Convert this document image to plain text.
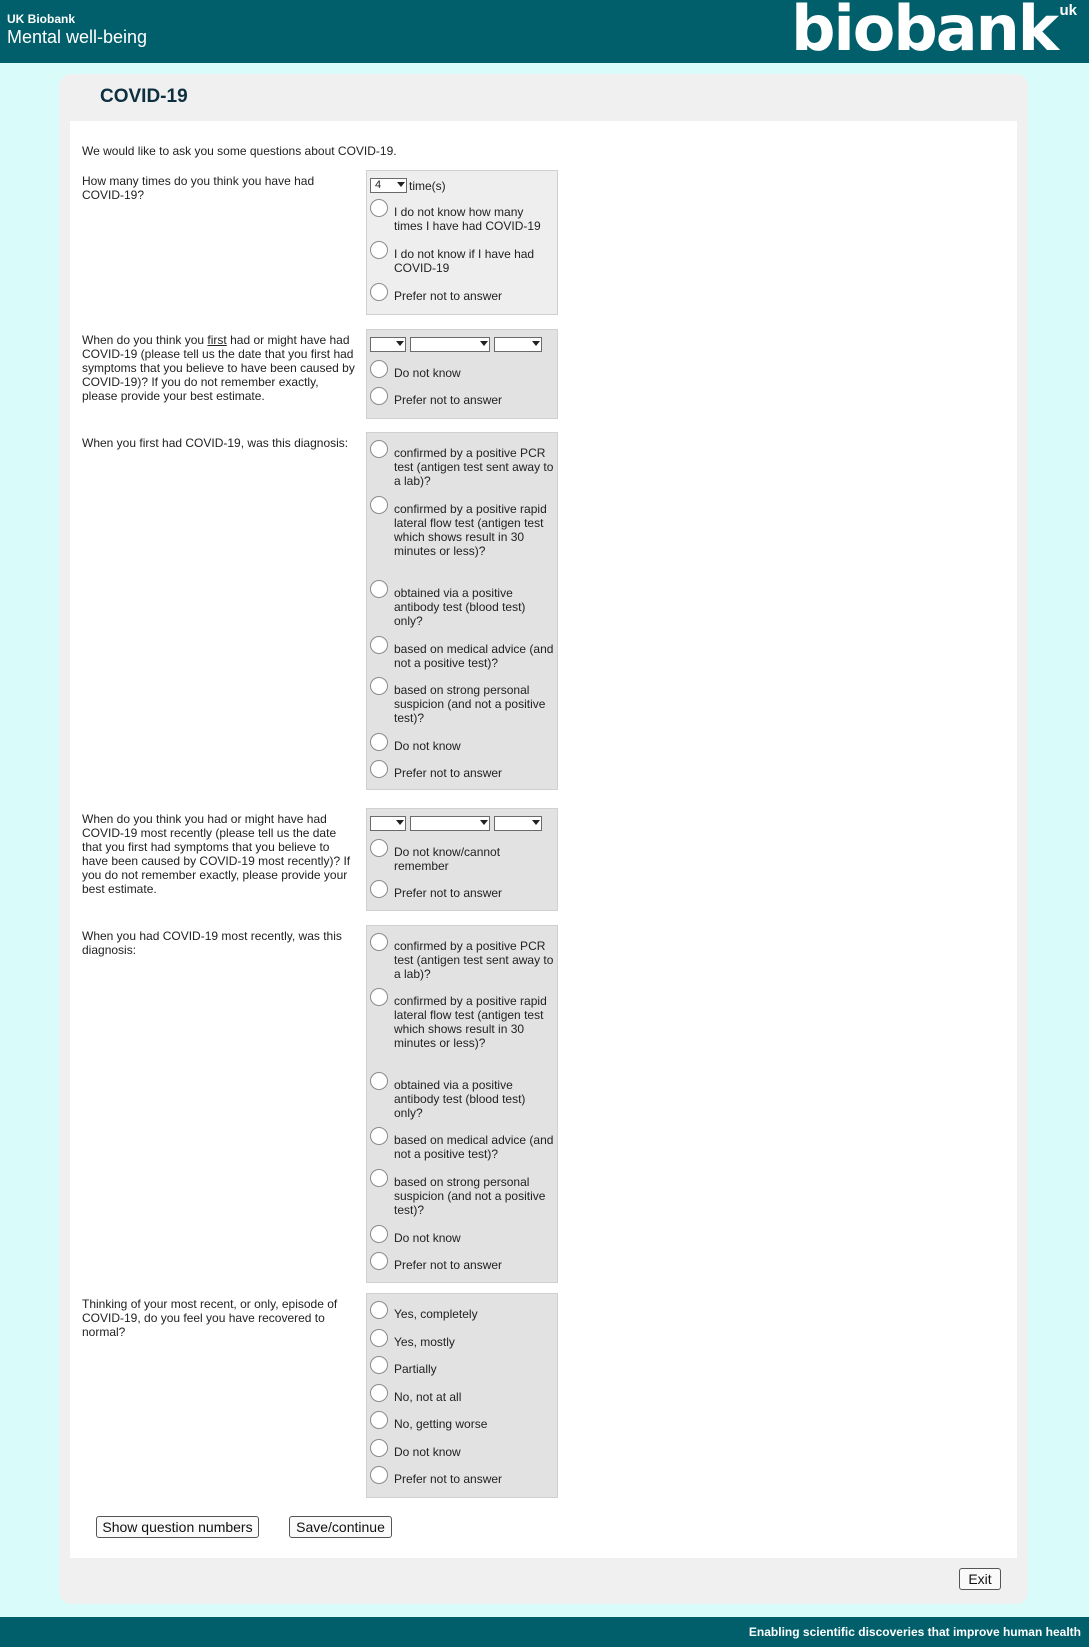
UK Biobank
Mental well-being	biobank uk
COVID-19
We would like to ask you some questions about COVID-19.
How many times do you think you have had COVID-19?
4 time(s)
I do not know how many times I have had COVID-19
I do not know if I have had COVID-19
Prefer not to answer
When do you think you first had or might have had COVID-19 (please tell us the date that you first had symptoms that you believe to have been caused by COVID-19)? If you do not remember exactly, please provide your best estimate.
Do not know
Prefer not to answer
When you first had COVID-19, was this diagnosis:
confirmed by a positive PCR test (antigen test sent away to a lab)?
confirmed by a positive rapid lateral flow test (antigen test which shows result in 30 minutes or less)?
obtained via a positive antibody test (blood test) only?
based on medical advice (and not a positive test)?
based on strong personal suspicion (and not a positive test)?
Do not know
Prefer not to answer
When do you think you had or might have had COVID-19 most recently (please tell us the date that you first had symptoms that you believe to have been caused by COVID-19 most recently)? If you do not remember exactly, please provide your best estimate.
Do not know/cannot remember
Prefer not to answer
When you had COVID-19 most recently, was this diagnosis:	confirmed by a positive PCR test (antigen test sent away to a lab)?
confirmed by a positive rapid lateral flow test (antigen test which shows result in 30 minutes or less)?
obtained via a positive antibody test (blood test) only?
based on medical advice (and not a positive test)?
based on strong personal suspicion (and not a positive test)?
Do not know
Prefer not to answer
Thinking of your most recent, or only, episode of COVID-19, do you feel you have recovered to normal?
Yes, completely
Yes, mostly
Partially
No, not at all
No, getting worse
Do not know
Prefer not to answer
Show question numbers	Save/continue
Exit
Enabling scientific discoveries that improve human health
